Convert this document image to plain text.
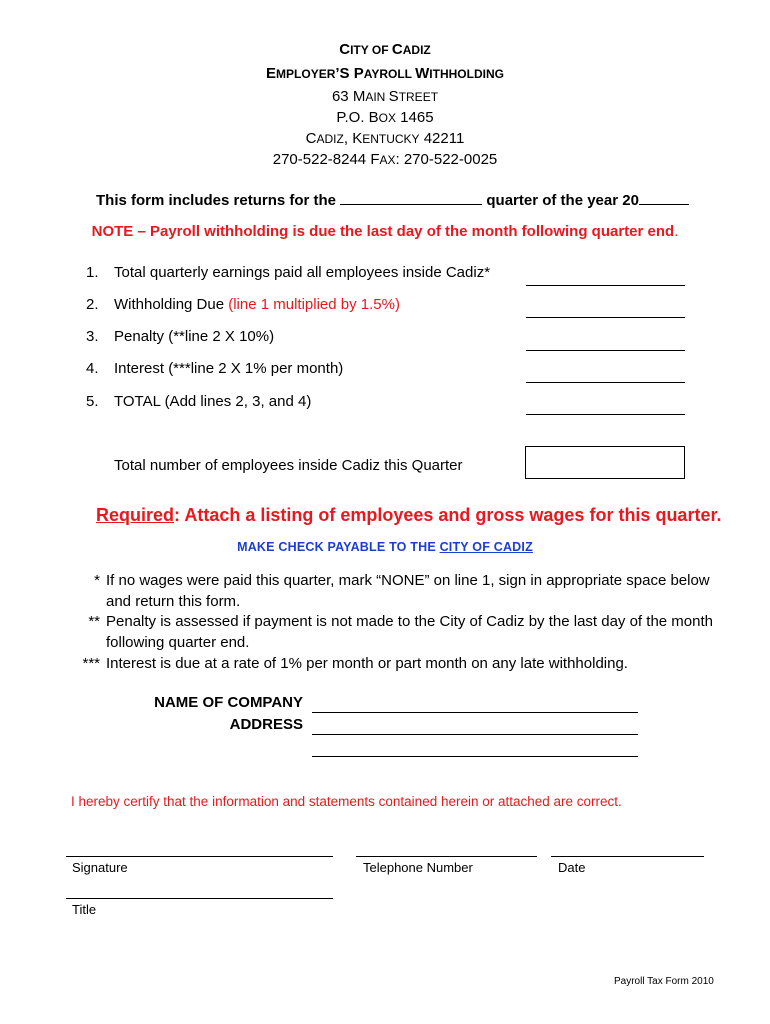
CITY OF CADIZ
EMPLOYER’S PAYROLL WITHHOLDING
63 MAIN STREET
P.O. BOX 1465
CADIZ, KENTUCKY 42211
270-522-8244 FAX: 270-522-0025
This form includes returns for the	quarter of the year 20
NOTE – Payroll withholding is due the last day of the month following quarter end.
1. Total quarterly earnings paid all employees inside Cadiz*
2. Withholding Due (line 1 multiplied by 1.5%)
3. Penalty (**line 2 X 10%)
4. Interest (***line 2 X 1% per month)
5. TOTAL (Add lines 2, 3, and 4)
Total number of employees inside Cadiz this Quarter
Required: Attach a listing of employees and gross wages for this quarter.
MAKE CHECK PAYABLE TO THE CITY OF CADIZ
* If no wages were paid this quarter, mark “NONE” on line 1, sign in appropriate space below
and return this form.
** Penalty is assessed if payment is not made to the City of Cadiz by the last day of the month
following quarter end.
*** Interest is due at a rate of 1% per month or part month on any late withholding.
NAME OF COMPANY
ADDRESS
I hereby certify that the information and statements contained herein or attached are correct.
Signature	Telephone Number	Date
Title
Payroll Tax Form 2010
